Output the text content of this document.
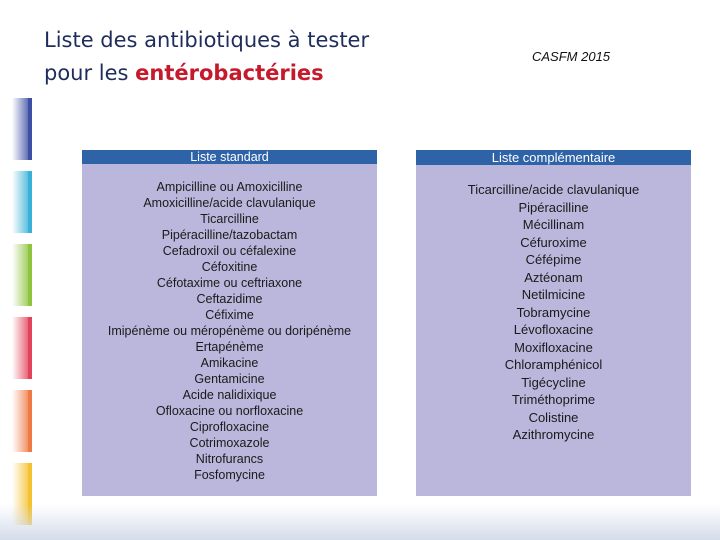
Liste des antibiotiques à tester
pour les entérobactéries
CASFM 2015
Liste standard
Ampicilline ou Amoxicilline
Amoxicilline/acide clavulanique
Ticarcilline
Pipéracilline/tazobactam
Cefadroxil ou céfalexine
Céfoxitine
Céfotaxime ou ceftriaxone
Ceftazidime
Céfixime
Imipénème ou méropénème ou doripénème
Ertapénème
Amikacine
Gentamicine
Acide nalidixique
Ofloxacine ou norfloxacine
Ciprofloxacine
Cotrimoxazole
Nitrofurancs
Fosfomycine
Liste complémentaire
Ticarcilline/acide clavulanique
Pipéracilline
Mécillinam
Céfuroxime
Céfépime
Aztéonam
Netilmicine
Tobramycine
Lévofloxacine
Moxifloxacine
Chloramphénicol
Tigécycline
Triméthoprime
Colistine
Azithromycine
